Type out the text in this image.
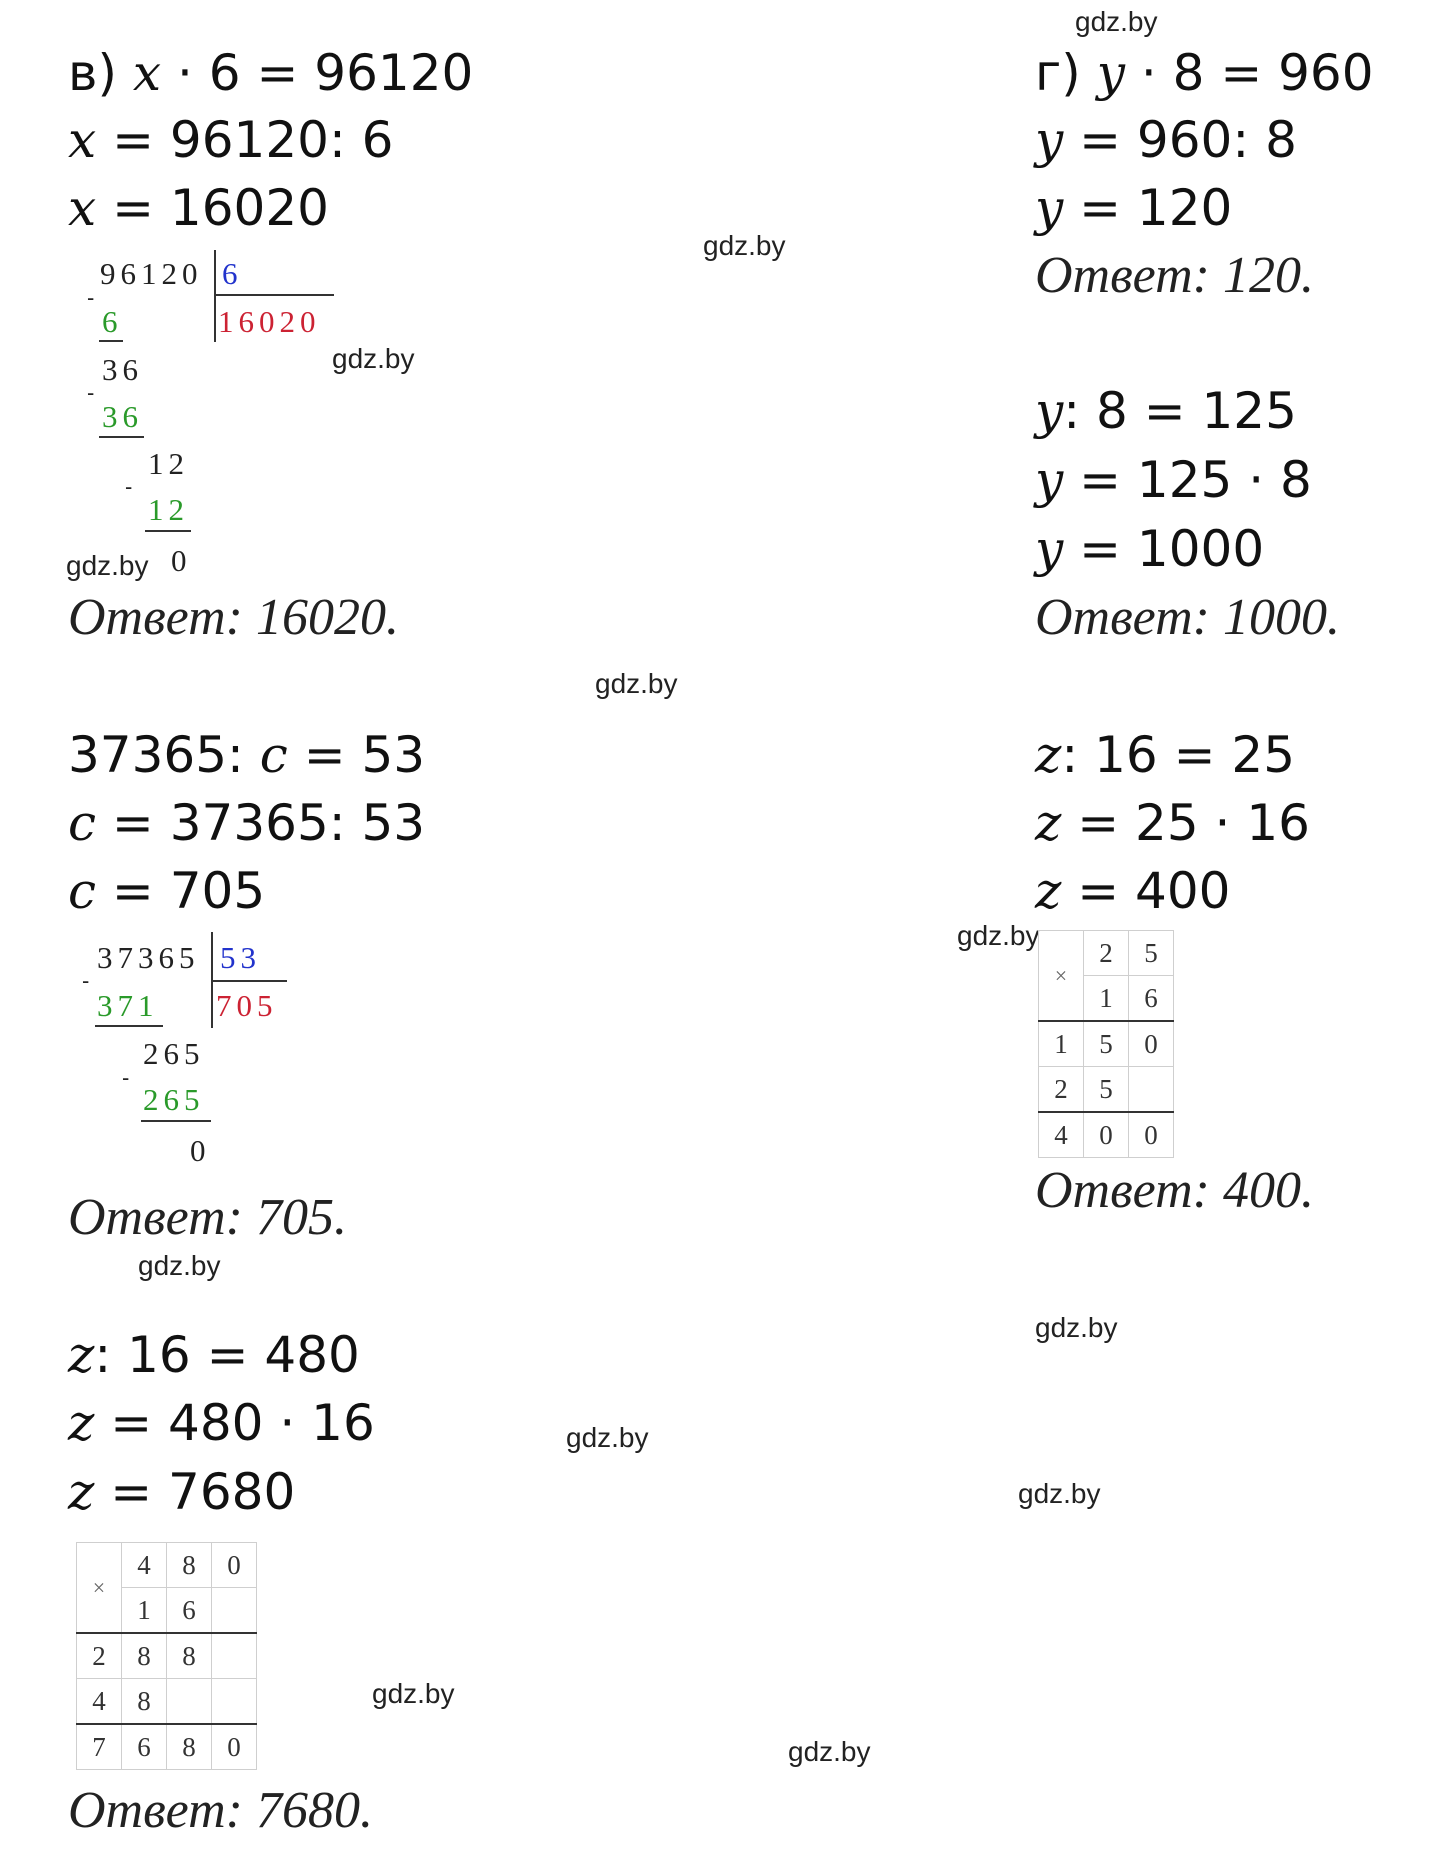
gdz.by
gdz.by
gdz.by
gdz.by
gdz.by
gdz.by
gdz.by
gdz.by
gdz.by
gdz.by
gdz.by
gdz.by
в) x · 6 = 96120
x = 96120: 6
x = 16020
96120 6
16020
-
6
36
-
36
12
-
12
0
Ответ: 16020.
г) y · 8 = 960
y = 960: 8
y = 120
Ответ: 120.
y: 8 = 125
y = 125 · 8
y = 1000
Ответ: 1000.
37365: c = 53
c = 37365: 53
c = 705
37365 53
705
-
371
265
-
265
0
Ответ: 705.
z: 16 = 25
z = 25 · 16
z = 400
×	2	5
	1	6
1	5	0
2	5	
4	0	0
Ответ: 400.
z: 16 = 480
z = 480 · 16
z = 7680
×	4	8	0
	1	6	
2	8	8	
4	8		
7	6	8	0
Ответ: 7680.
